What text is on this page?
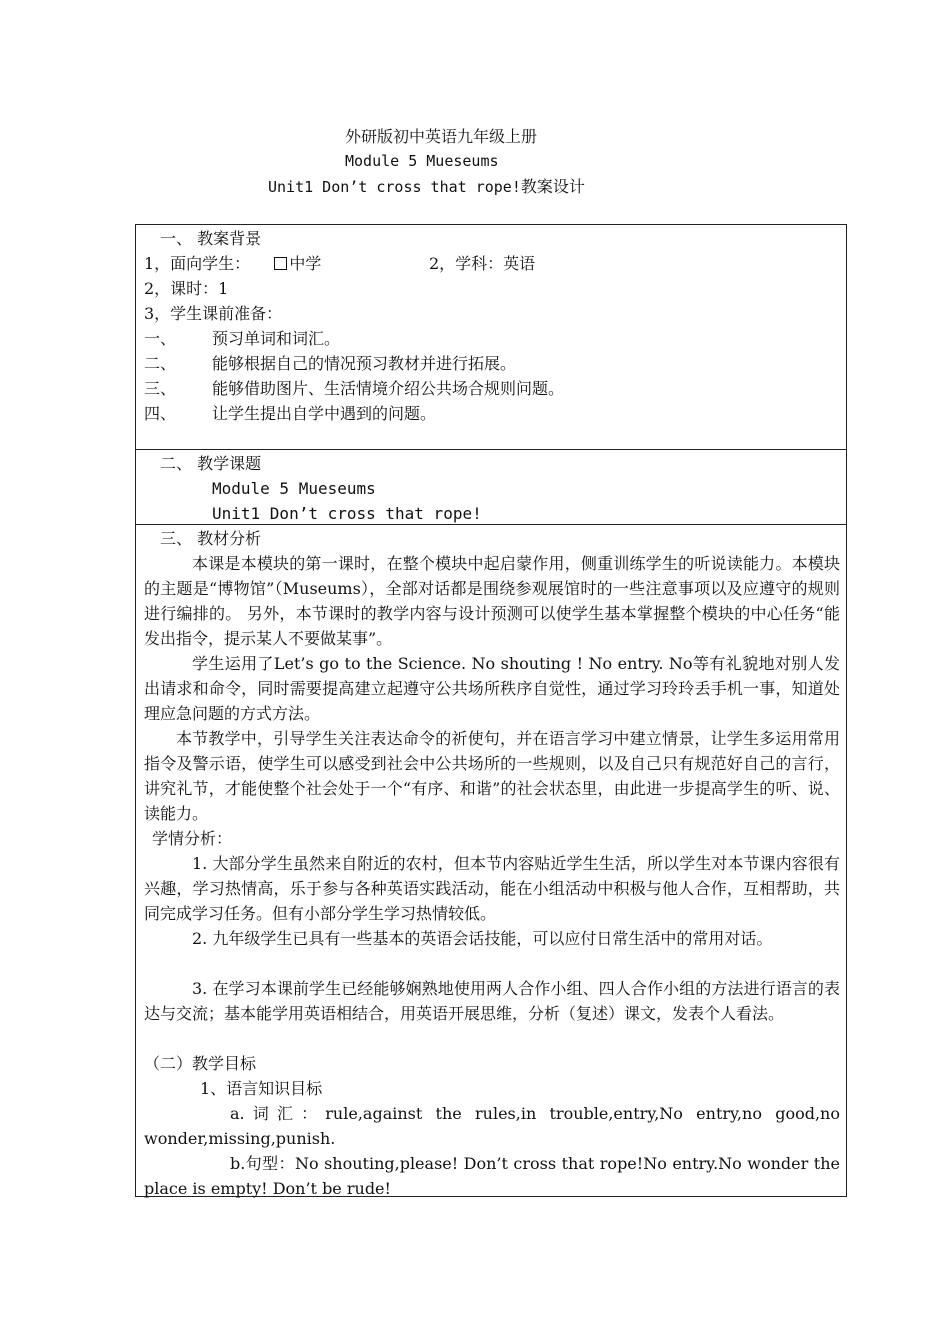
外研版初中英语九年级上册
Module 5 Mueseums
Unit1 Don’t cross that rope!教案设计
一、 教案背景
1，面向学生： 中学	2，学科：英语
2，课时：1
3，学生课前准备：
一、 预习单词和词汇。
二、 能够根据自己的情况预习教材并进行拓展。
三、 能够借助图片、生活情境介绍公共场合规则问题。
四、 让学生提出自学中遇到的问题。
二、 教学课题
Module 5 Mueseums
Unit1 Don’t cross that rope!
三、 教材分析
本课是本模块的第一课时，在整个模块中起启蒙作用，侧重训练学生的听说读能力。本模块的主题是“博物馆”（Museums），全部对话都是围绕参观展馆时的一些注意事项以及应遵守的规则进行编排的。 另外，本节课时的教学内容与设计预测可以使学生基本掌握整个模块的中心任务“能发出指令，提示某人不要做某事”。
学生运用了Let’s go to the Science. No shouting ! No entry. No等有礼貌地对别人发出请求和命令，同时需要提高建立起遵守公共场所秩序自觉性，通过学习玲玲丢手机一事，知道处理应急问题的方式方法。
本节教学中，引导学生关注表达命令的祈使句，并在语言学习中建立情景，让学生多运用常用指令及警示语，使学生可以感受到社会中公共场所的一些规则，以及自己只有规范好自己的言行，讲究礼节，才能使整个社会处于一个“有序、和谐”的社会状态里，由此进一步提高学生的听、说、读能力。
学情分析：
1. 大部分学生虽然来自附近的农村，但本节内容贴近学生生活，所以学生对本节课内容很有兴趣，学习热情高，乐于参与各种英语实践活动，能在小组活动中积极与他人合作，互相帮助，共同完成学习任务。但有小部分学生学习热情较低。
2. 九年级学生已具有一些基本的英语会话技能，可以应付日常生活中的常用对话。
3. 在学习本课前学生已经能够娴熟地使用两人合作小组、四人合作小组的方法进行语言的表达与交流；基本能学用英语相结合，用英语开展思维，分析（复述）课文，发表个人看法。
（二）教学目标
1、语言知识目标
a.词汇：rule,against the rules,in trouble,entry,No entry,no good,no wonder,missing,punish.
b.句型：No shouting,please! Don’t cross that rope!No entry.No wonder the place is empty! Don’t be rude!
